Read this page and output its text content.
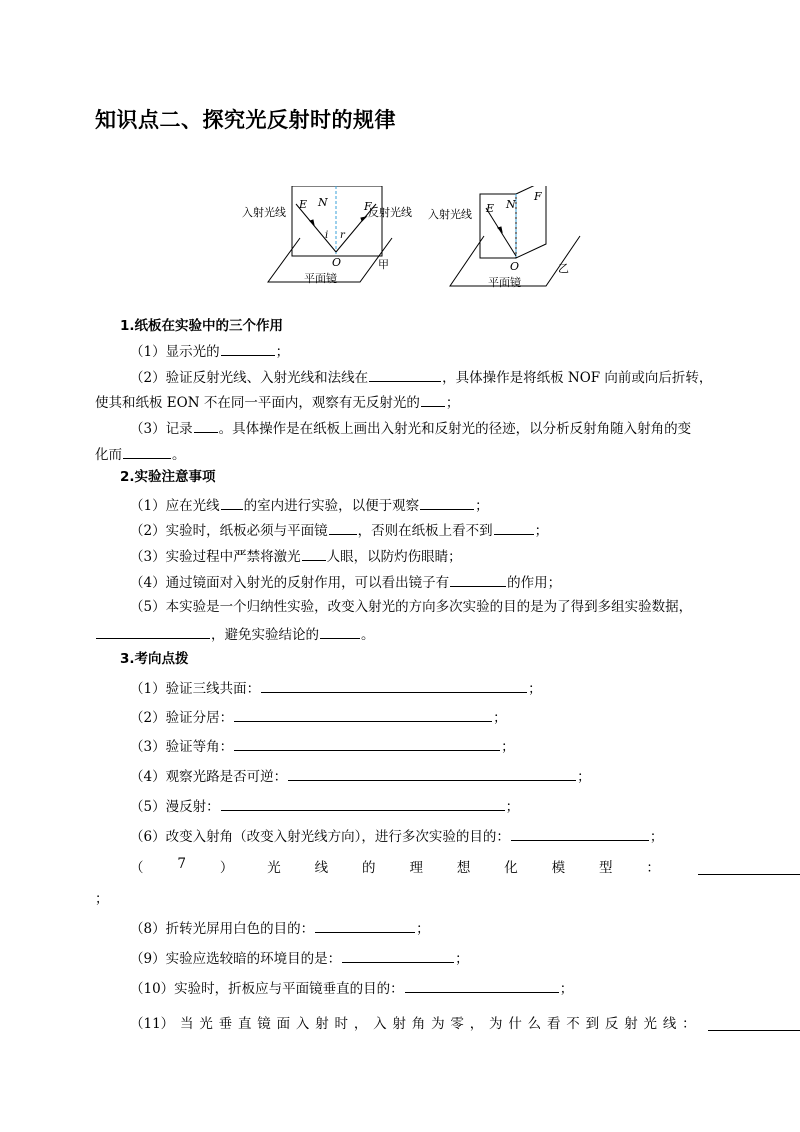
知识点二、探究光反射时的规律
入射光线	反射光线
E N	F
i r
O
平面镜
甲
入射光线 E N
F
O
平面镜
乙
1.纸板在实验中的三个作用
（1）显示光的	；
（2）验证反射光线、入射光线和法线在	，具体操作是将纸板 NOF 向前或向后折转，
使其和纸板 EON 不在同一平面内，观察有无反射光的 ；
（3）记录 。具体操作是在纸板上画出入射光和反射光的径迹，以分析反射角随入射角的变
化而	。
2.实验注意事项
（1）应在光线 的室内进行实验，以便于观察	；
（2）实验时，纸板必须与平面镜 ，否则在纸板上看不到	；
（3）实验过程中严禁将激光 人眼，以防灼伤眼睛；
（4）通过镜面对入射光的反射作用，可以看出镜子有	的作用；
（5）本实验是一个归纳性实验，改变入射光的方向多次实验的目的是为了得到多组实验数据，
，避免实验结论的	。
3.考向点拨
（1）验证三线共面：	；
（2）验证分居：	；
（3）验证等角：	；
（4）观察光路是否可逆：	；
（5）漫反射：	；
（6）改变入射角（改变入射光线方向），进行多次实验的目的：	；
（	7	）	光	线	的	理	想	化	模	型	：
；
（8）折转光屏用白色的目的：	；
（9）实验应选较暗的环境目的是：	；
（10）实验时，折板应与平面镜垂直的目的：	；
（11） 当 光 垂 直 镜 面 入 射 时 ， 入 射 角 为 零 ， 为 什 么 看 不 到 反 射 光 线 ：
